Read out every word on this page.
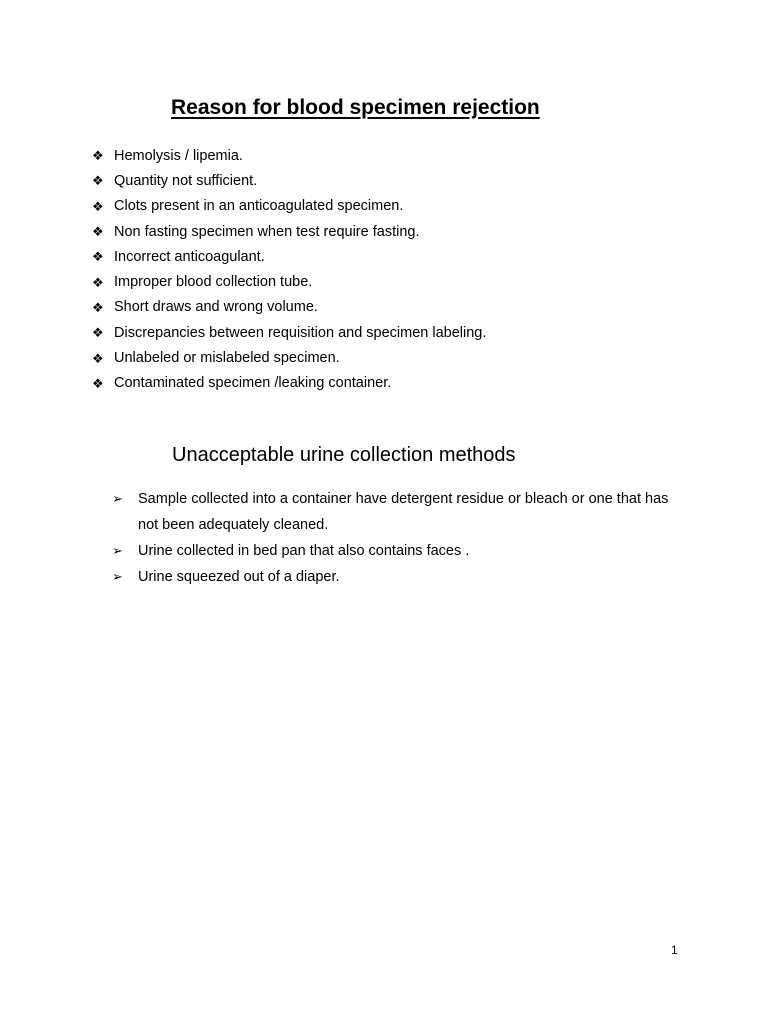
Reason for blood specimen rejection
❖ Hemolysis / lipemia.
❖ Quantity not sufficient.
❖ Clots present in an anticoagulated specimen.
❖ Non fasting specimen when test require fasting.
❖ Incorrect anticoagulant.
❖ Improper blood collection tube.
❖ Short draws and wrong volume.
❖ Discrepancies between requisition and specimen labeling.
❖ Unlabeled or mislabeled specimen.
❖ Contaminated specimen /leaking container.
Unacceptable urine collection methods
➢	Sample collected into a container have detergent residue or bleach or one that has not been adequately cleaned.
➢	Urine collected in bed pan that also contains faces .
➢	Urine squeezed out of a diaper.
1
